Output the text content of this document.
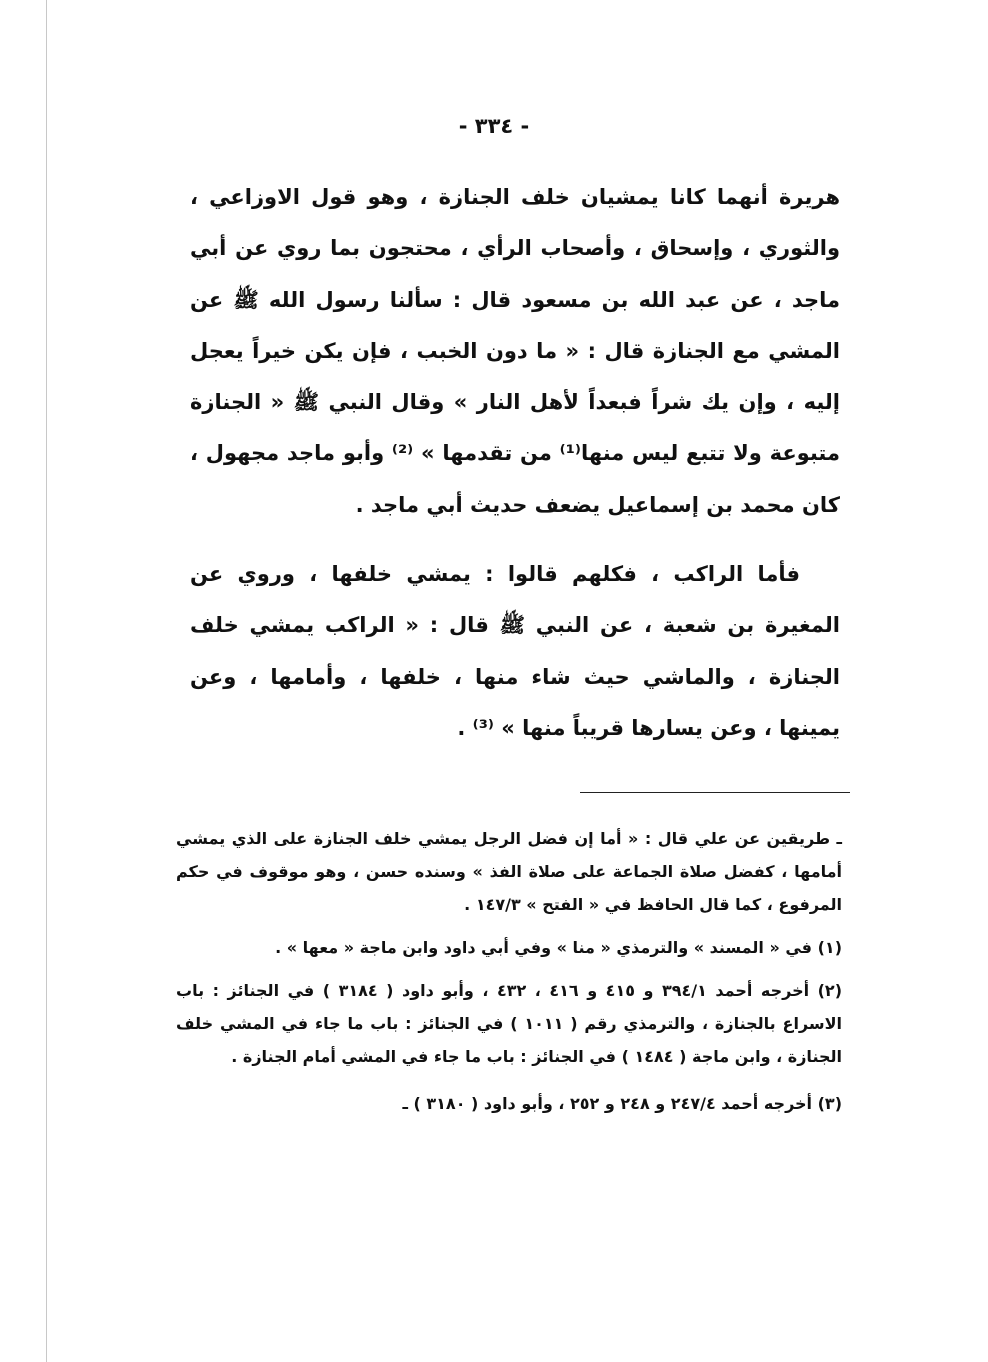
- ٣٣٤ -

هريرة أنهما كانا يمشيان خلف الجنازة ، وهو قول الاوزاعي ، والثوري ، وإسحاق ، وأصحاب الرأي ، محتجون بما روي عن أبي ماجد ، عن عبد الله بن مسعود قال : سألنا رسول الله ﷺ عن المشي مع الجنازة قال : « ما دون الخبب ، فإن يكن خيراً يعجل إليه ، وإن يك شراً فبعداً لأهل النار » وقال النبي ﷺ « الجنازة متبوعة ولا تتبع ليس منها⁽¹⁾ من تقدمها » ⁽²⁾ وأبو ماجد مجهول ، كان محمد بن إسماعيل يضعف حديث أبي ماجد .

فأما الراكب ، فكلهم قالوا : يمشي خلفها ، وروي عن المغيرة بن شعبة ، عن النبي ﷺ قال : « الراكب يمشي خلف الجنازة ، والماشي حيث شاء منها ، خلفها ، وأمامها ، وعن يمينها ، وعن يسارها قريباً منها » ⁽³⁾ .

ـ طريقين عن علي قال : « أما إن فضل الرجل يمشي خلف الجنازة على الذي يمشي أمامها ، كفضل صلاة الجماعة على صلاة الفذ » وسنده حسن ، وهو موقوف في حكم المرفوع ، كما قال الحافظ في « الفتح » ١٤٧/٣ .

(١) في « المسند » والترمذي « منا » وفي أبي داود وابن ماجة « معها » .

(٢) أخرجه أحمد ٣٩٤/١ و ٤١٥ و ٤١٦ ، ٤٣٢ ، وأبو داود ( ٣١٨٤ ) في الجنائز : باب الاسراع بالجنازة ، والترمذي رقم ( ١٠١١ ) في الجنائز : باب ما جاء في المشي خلف الجنازة ، وابن ماجة ( ١٤٨٤ ) في الجنائز : باب ما جاء في المشي أمام الجنازة .

(٣) أخرجه أحمد ٢٤٧/٤ و ٢٤٨ و ٢٥٢ ، وأبو داود ( ٣١٨٠ ) ـ
